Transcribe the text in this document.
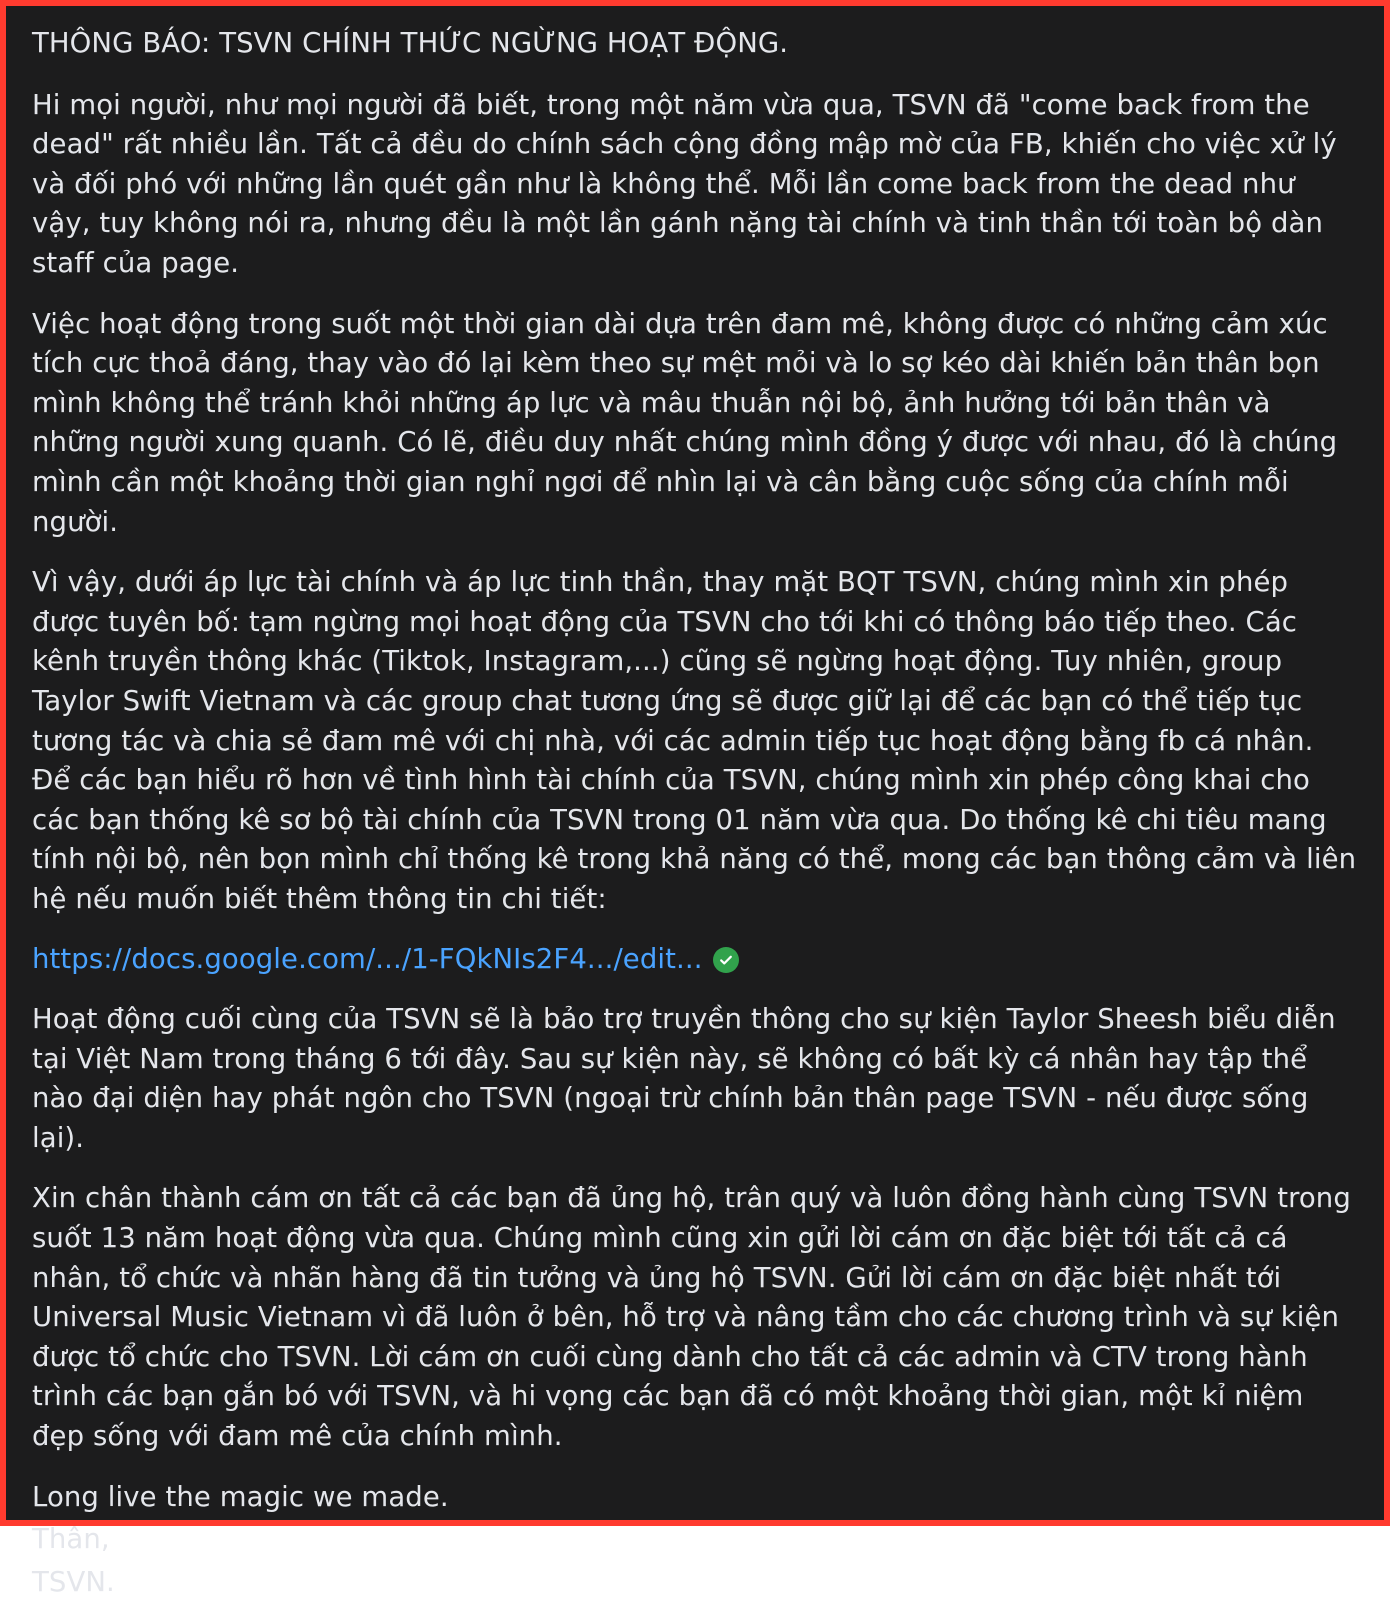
THÔNG BÁO: TSVN CHÍNH THỨC NGỪNG HOẠT ĐỘNG.

Hi mọi người, như mọi người đã biết, trong một năm vừa qua, TSVN đã "come back from the dead" rất nhiều lần. Tất cả đều do chính sách cộng đồng mập mờ của FB, khiến cho việc xử lý và đối phó với những lần quét gần như là không thể. Mỗi lần come back from the dead như vậy, tuy không nói ra, nhưng đều là một lần gánh nặng tài chính và tinh thần tới toàn bộ dàn staff của page.

Việc hoạt động trong suốt một thời gian dài dựa trên đam mê, không được có những cảm xúc tích cực thoả đáng, thay vào đó lại kèm theo sự mệt mỏi và lo sợ kéo dài khiến bản thân bọn mình không thể tránh khỏi những áp lực và mâu thuẫn nội bộ, ảnh hưởng tới bản thân và những người xung quanh. Có lẽ, điều duy nhất chúng mình đồng ý được với nhau, đó là chúng mình cần một khoảng thời gian nghỉ ngơi để nhìn lại và cân bằng cuộc sống của chính mỗi người.

Vì vậy, dưới áp lực tài chính và áp lực tinh thần, thay mặt BQT TSVN, chúng mình xin phép được tuyên bố: tạm ngừng mọi hoạt động của TSVN cho tới khi có thông báo tiếp theo. Các kênh truyền thông khác (Tiktok, Instagram,...) cũng sẽ ngừng hoạt động. Tuy nhiên, group Taylor Swift Vietnam và các group chat tương ứng sẽ được giữ lại để các bạn có thể tiếp tục tương tác và chia sẻ đam mê với chị nhà, với các admin tiếp tục hoạt động bằng fb cá nhân. Để các bạn hiểu rõ hơn về tình hình tài chính của TSVN, chúng mình xin phép công khai cho các bạn thống kê sơ bộ tài chính của TSVN trong 01 năm vừa qua. Do thống kê chi tiêu mang tính nội bộ, nên bọn mình chỉ thống kê trong khả năng có thể, mong các bạn thông cảm và liên hệ nếu muốn biết thêm thông tin chi tiết:

https://docs.google.com/.../1-FQkNIs2F4.../edit...

Hoạt động cuối cùng của TSVN sẽ là bảo trợ truyền thông cho sự kiện Taylor Sheesh biểu diễn tại Việt Nam trong tháng 6 tới đây. Sau sự kiện này, sẽ không có bất kỳ cá nhân hay tập thể nào đại diện hay phát ngôn cho TSVN (ngoại trừ chính bản thân page TSVN - nếu được sống lại).

Xin chân thành cám ơn tất cả các bạn đã ủng hộ, trân quý và luôn đồng hành cùng TSVN trong suốt 13 năm hoạt động vừa qua. Chúng mình cũng xin gửi lời cám ơn đặc biệt tới tất cả cá nhân, tổ chức và nhãn hàng đã tin tưởng và ủng hộ TSVN. Gửi lời cám ơn đặc biệt nhất tới Universal Music Vietnam vì đã luôn ở bên, hỗ trợ và nâng tầm cho các chương trình và sự kiện được tổ chức cho TSVN. Lời cám ơn cuối cùng dành cho tất cả các admin và CTV trong hành trình các bạn gắn bó với TSVN, và hi vọng các bạn đã có một khoảng thời gian, một kỉ niệm đẹp sống với đam mê của chính mình.

Long live the magic we made.
Thân,
TSVN.
